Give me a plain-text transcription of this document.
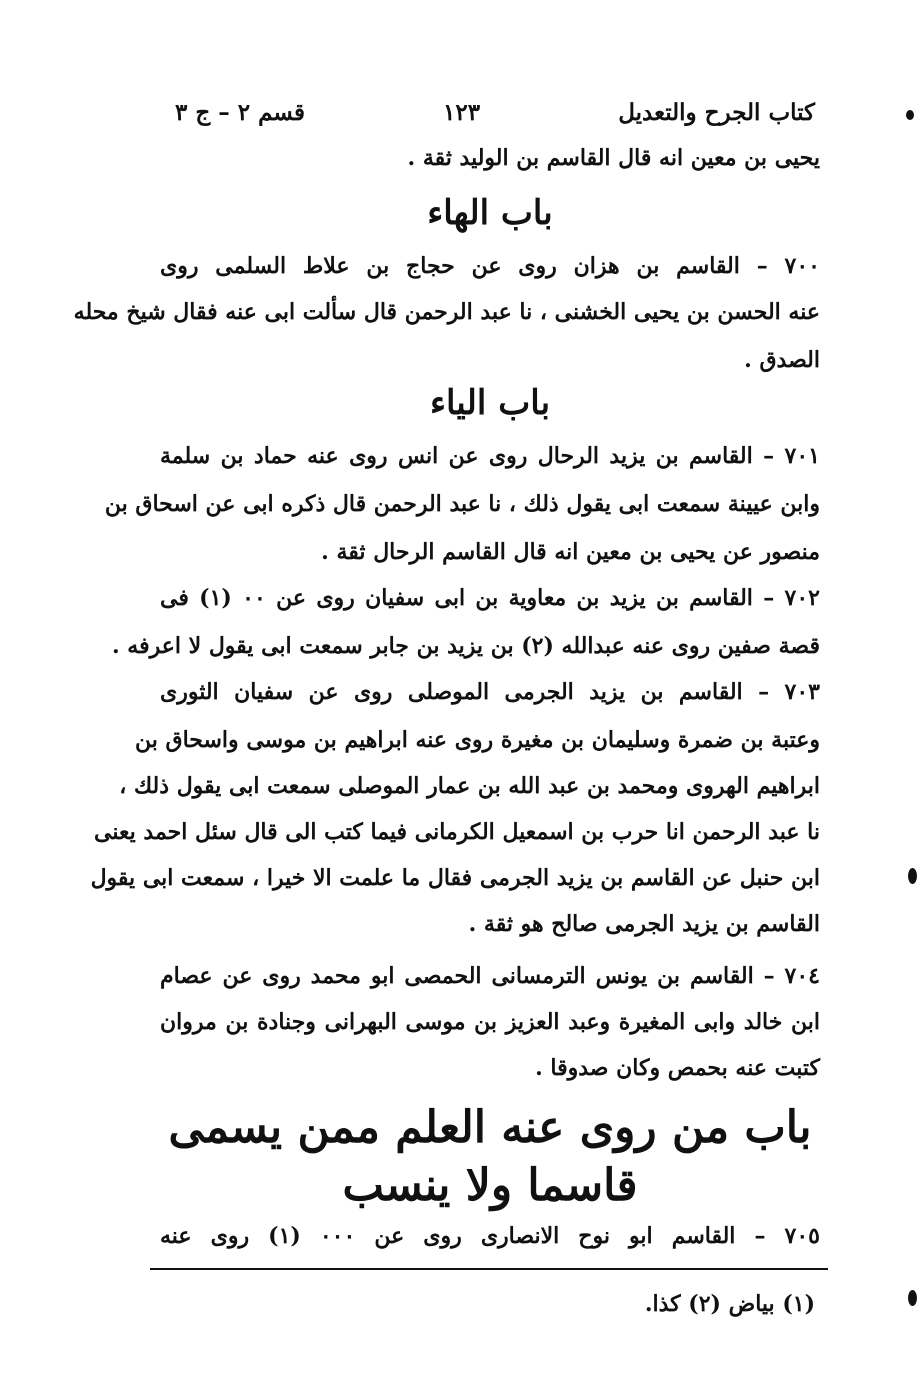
كتاب الجرح والتعديل
١٢٣
قسم ٢ – ج ٣
يحيى بن معين انه قال القاسم بن الوليد ثقة .
باب الهاء
٧٠٠ – القاسم بن هزان روى عن حجاج بن علاط السلمى روى
عنه الحسن بن يحيى الخشنى ، نا عبد الرحمن قال سألت ابى عنه فقال شيخ محله
الصدق .
باب الياء
٧٠١ – القاسم بن يزيد الرحال روى عن انس روى عنه حماد بن سلمة
وابن عيينة سمعت ابى يقول ذلك ، نا عبد الرحمن قال ذكره ابى عن اسحاق بن
منصور عن يحيى بن معين انه قال القاسم الرحال ثقة .
٧٠٢ – القاسم بن يزيد بن معاوية بن ابى سفيان روى عن ٠٠ (١) فى
قصة صفين روى عنه عبدالله (٢) بن يزيد بن جابر سمعت ابى يقول لا اعرفه .
٧٠٣ – القاسم بن يزيد الجرمى الموصلى روى عن سفيان الثورى
وعتبة بن ضمرة وسليمان بن مغيرة روى عنه ابراهيم بن موسى واسحاق بن
ابراهيم الهروى ومحمد بن عبد الله بن عمار الموصلى سمعت ابى يقول ذلك ،
نا عبد الرحمن انا حرب بن اسمعيل الكرمانى فيما كتب الى قال سئل احمد يعنى
ابن حنبل عن القاسم بن يزيد الجرمى فقال ما علمت الا خيرا ، سمعت ابى يقول
القاسم بن يزيد الجرمى صالح هو ثقة .
٧٠٤ – القاسم بن يونس الترمسانى الحمصى ابو محمد روى عن عصام
ابن خالد وابى المغيرة وعبد العزيز بن موسى البهرانى وجنادة بن مروان
كتبت عنه بحمص وكان صدوقا .
باب من روى عنه العلم ممن يسمى
قاسما ولا ينسب
٧٠٥ – القاسم ابو نوح الانصارى روى عن ٠٠٠ (١) روى عنه
(١) بياض (٢) كذا.
